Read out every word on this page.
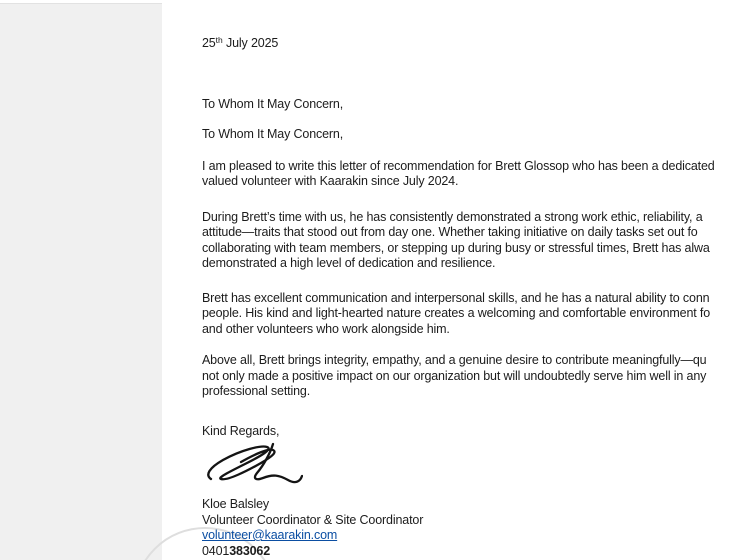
25th July 2025
To Whom It May Concern,
To Whom It May Concern,
I am pleased to write this letter of recommendation for Brett Glossop who has been a dedicated
valued volunteer with Kaarakin since July 2024.
During Brett’s time with us, he has consistently demonstrated a strong work ethic, reliability, a
attitude—traits that stood out from day one. Whether taking initiative on daily tasks set out fo
collaborating with team members, or stepping up during busy or stressful times, Brett has alwa
demonstrated a high level of dedication and resilience.
Brett has excellent communication and interpersonal skills, and he has a natural ability to conn
people. His kind and light-hearted nature creates a welcoming and comfortable environment fo
and other volunteers who work alongside him.
Above all, Brett brings integrity, empathy, and a genuine desire to contribute meaningfully—qu
not only made a positive impact on our organization but will undoubtedly serve him well in any
professional setting.
Kind Regards,
Kloe Balsley
Volunteer Coordinator & Site Coordinator
volunteer@kaarakin.com
0401383062
